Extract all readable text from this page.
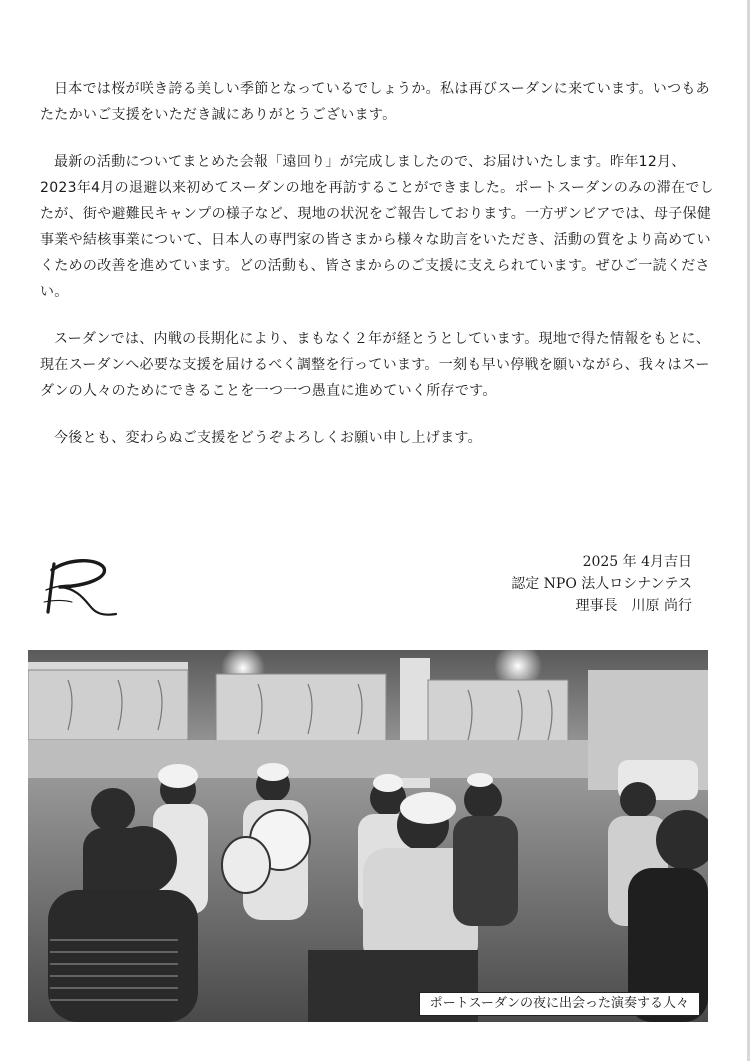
日本では桜が咲き誇る美しい季節となっているでしょうか。私は再びスーダンに来ています。いつもあたたかいご支援をいただき誠にありがとうございます。

最新の活動についてまとめた会報「遠回り」が完成しましたので、お届けいたします。昨年12月、2023年4月の退避以来初めてスーダンの地を再訪することができました。ポートスーダンのみの滞在でしたが、街や避難民キャンプの様子など、現地の状況をご報告しております。一方ザンビアでは、母子保健事業や結核事業について、日本人の専門家の皆さまから様々な助言をいただき、活動の質をより高めていくための改善を進めています。どの活動も、皆さまからのご支援に支えられています。ぜひご一読ください。

スーダンでは、内戦の長期化により、まもなく２年が経とうとしています。現地で得た情報をもとに、現在スーダンへ必要な支援を届けるべく調整を行っています。一刻も早い停戦を願いながら、我々はスーダンの人々のためにできることを一つ一つ愚直に進めていく所存です。

今後とも、変わらぬご支援をどうぞよろしくお願い申し上げます。

2025 年 4月吉日
認定 NPO 法人ロシナンテス
理事長　川原 尚行
ポートスーダンの夜に出会った演奏する人々
